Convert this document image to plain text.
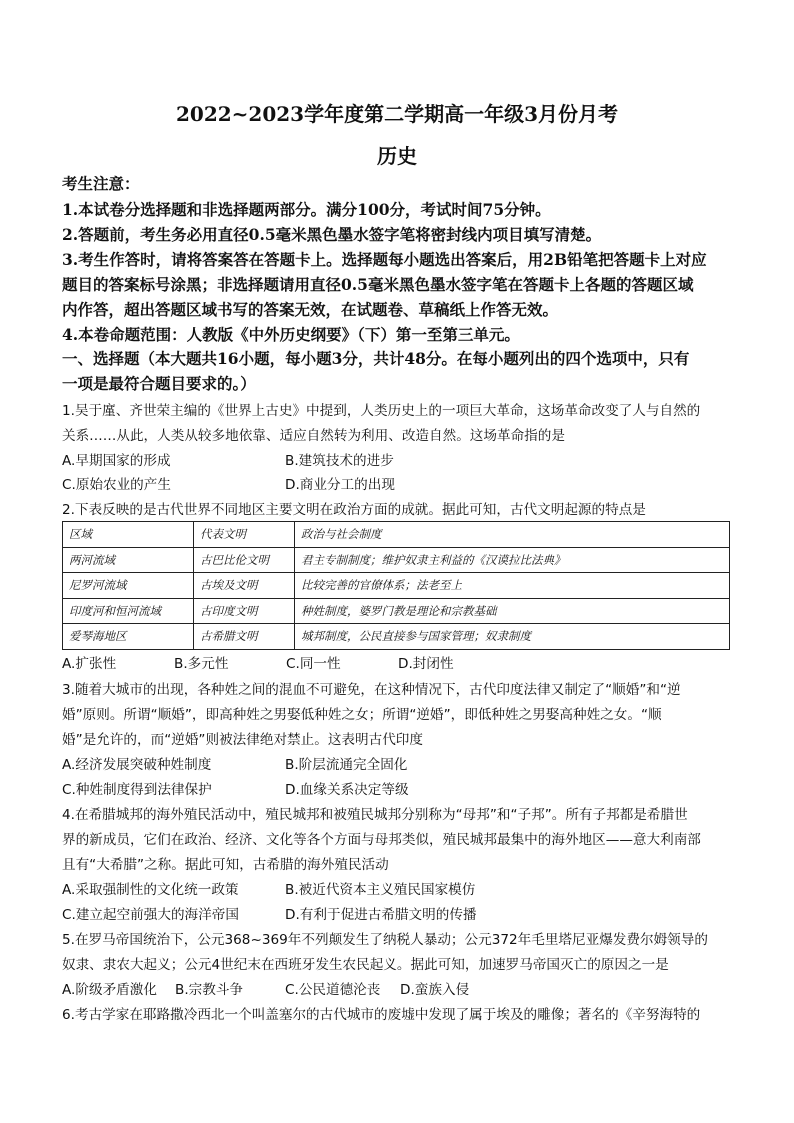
2022~2023学年度第二学期高一年级3月份月考
历史
考生注意：
1.本试卷分选择题和非选择题两部分。满分100分，考试时间75分钟。
2.答题前，考生务必用直径0.5毫米黑色墨水签字笔将密封线内项目填写清楚。
3.考生作答时，请将答案答在答题卡上。选择题每小题选出答案后，用2B铅笔把答题卡上对应
题目的答案标号涂黑；非选择题请用直径0.5毫米黑色墨水签字笔在答题卡上各题的答题区域
内作答，超出答题区域书写的答案无效，在试题卷、草稿纸上作答无效。
4.本卷命题范围：人教版《中外历史纲要》（下）第一至第三单元。
一、选择题（本大题共16小题，每小题3分，共计48分。在每小题列出的四个选项中，只有
一项是最符合题目要求的。）
1.吴于廑、齐世荣主编的《世界上古史》中提到，人类历史上的一项巨大革命，这场革命改变了人与自然的
关系……从此，人类从较多地依靠、适应自然转为利用、改造自然。这场革命指的是
A.早期国家的形成	B.建筑技术的进步
C.原始农业的产生	D.商业分工的出现
2.下表反映的是古代世界不同地区主要文明在政治方面的成就。据此可知，古代文明起源的特点是
区域	代表文明	政治与社会制度
两河流域	古巴比伦文明	君主专制制度；维护奴隶主利益的《汉谟拉比法典》
尼罗河流域	古埃及文明	比较完善的官僚体系；法老至上
印度河和恒河流域	古印度文明	种姓制度，婆罗门教是理论和宗教基础
爱琴海地区	古希腊文明	城邦制度，公民直接参与国家管理；奴隶制度
A.扩张性	B.多元性	C.同一性	D.封闭性
3.随着大城市的出现，各种姓之间的混血不可避免，在这种情况下，古代印度法律又制定了“顺婚”和“逆
婚”原则。所谓“顺婚”，即高种姓之男娶低种姓之女；所谓“逆婚”，即低种姓之男娶高种姓之女。“顺
婚”是允许的，而“逆婚”则被法律绝对禁止。这表明古代印度
A.经济发展突破种姓制度	B.阶层流通完全固化
C.种姓制度得到法律保护	D.血缘关系决定等级
4.在希腊城邦的海外殖民活动中，殖民城邦和被殖民城邦分别称为“母邦”和“子邦”。所有子邦都是希腊世
界的新成员，它们在政治、经济、文化等各个方面与母邦类似，殖民城邦最集中的海外地区——意大利南部
且有“大希腊”之称。据此可知，古希腊的海外殖民活动
A.采取强制性的文化统一政策	B.被近代资本主义殖民国家模仿
C.建立起空前强大的海洋帝国	D.有利于促进古希腊文明的传播
5.在罗马帝国统治下，公元368~369年不列颠发生了纳税人暴动；公元372年毛里塔尼亚爆发费尔姆领导的
奴隶、隶农大起义；公元4世纪末在西班牙发生农民起义。据此可知，加速罗马帝国灭亡的原因之一是
A.阶级矛盾激化 B.宗教斗争	C.公民道德沦丧 D.蛮族入侵
6.考古学家在耶路撒冷西北一个叫盖塞尔的古代城市的废墟中发现了属于埃及的雕像；著名的《辛努海特的
